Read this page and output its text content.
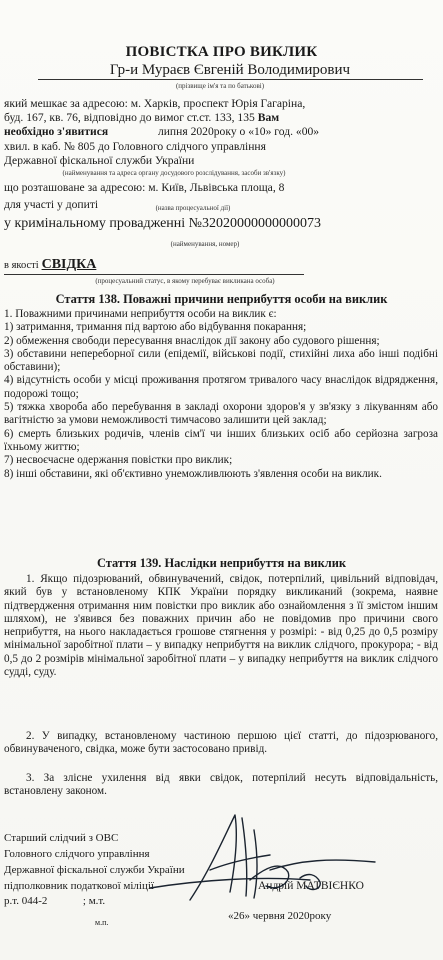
ПОВІСТКА ПРО ВИКЛИК
Гр-и Мураєв Євгеній Володимирович
(прізвище ім'я та по батькові)
який мешкає за адресою: м. Харків, проспект Юрія Гагаріна,
буд. 167, кв. 76, відповідно до вимог ст.ст. 133, 135 Вам
необхідно з'явитися	липня 2020року о «10» год. «00»
хвил. в каб. № 805 до Головного слідчого управління
Державної фіскальної служби України
(найменування та адреса органу досудового розслідування, засоби зв'язку)
що розташоване за адресою: м. Київ, Львівська площа, 8
для участі у допиті	(назва процесуальної дії)
у кримінальному провадженні №32020000000000073
(найменування, номер)
в якості СВІДКА
(процесуальний статус, в якому перебуває викликана особа)
Стаття 138. Поважні причини неприбуття особи на виклик
1. Поважними причинами неприбуття особи на виклик є:
1) затримання, тримання під вартою або відбування покарання;
2) обмеження свободи пересування внаслідок дії закону або судового рішення;
3) обставини непереборної сили (епідемії, військові події, стихійні лиха або інші подібні обставини);
4) відсутність особи у місці проживання протягом тривалого часу внаслідок відрядження, подорожі тощо;
5) тяжка хвороба або перебування в закладі охорони здоров'я у зв'язку з лікуванням або вагітністю за умови неможливості тимчасово залишити цей заклад;
6) смерть близьких родичів, членів сім'ї чи інших близьких осіб або серйозна загроза їхньому життю;
7) несвоєчасне одержання повістки про виклик;
8) інші обставини, які об'єктивно унеможливлюють з'явлення особи на виклик.
Стаття 139. Наслідки неприбуття на виклик
1. Якщо підозрюваний, обвинувачений, свідок, потерпілий, цивільний відповідач, який був у встановленому КПК України порядку викликаний (зокрема, наявне підтвердження отримання ним повістки про виклик або ознайомлення з її змістом іншим шляхом), не з'явився без поважних причин або не повідомив про причини свого неприбуття, на нього накладається грошове стягнення у розмірі: - від 0,25 до 0,5 розміру мінімальної заробітної плати – у випадку неприбуття на виклик слідчого, прокурора; - від 0,5 до 2 розмірів мінімальної заробітної плати – у випадку неприбуття на виклик слідчого судді, суду.
2. У випадку, встановленому частиною першою цієї статті, до підозрюваного, обвинуваченого, свідка, може бути застосовано привід.
3. За злісне ухилення від явки свідок, потерпілий несуть відповідальність, встановлену законом.
Старший слідчий з ОВС
Головного слідчого управління
Державної фіскальної служби України
підполковник податкової міліції	Андрій МАТВІЄНКО
р.т. 044-2	; м.т.
м.п.
«26» червня 2020року
